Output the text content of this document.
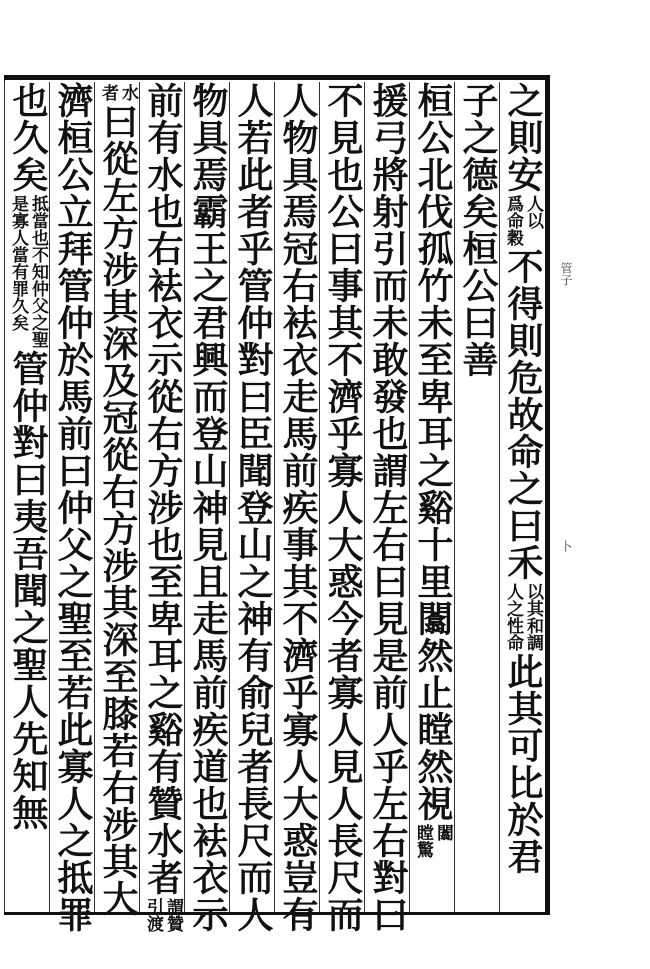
之則安
人以
爲命穀
不得則危故命之曰禾
以其和調
人之性命
此其可比於君
子之德矣桓公曰善
桓公北伐孤竹未至卑耳之谿十里闟然止瞠然視
闟
瞠驚
援弓將射引而未敢發也謂左右曰見是前人乎左右對曰
不見也公曰事其不濟乎寡人大惑今者寡人見人長尺而
人物具焉冠右袪衣走馬前疾事其不濟乎寡人大惑豈有
人若此者乎管仲對曰臣聞登山之神有俞兒者長尺而人
物具焉霸王之君興而登山神見且走馬前疾道也袪衣示
前有水也右袪衣示從右方涉也至卑耳之谿有贊水者
謂贊
引渡
水
者
曰從左方涉其深及冠從右方涉其深至膝若右涉其大
濟桓公立拜管仲於馬前曰仲父之聖至若此寡人之抵罪
也久矣
抵當也不知仲父之聖
是寡人當有罪久矣
管仲對曰夷吾聞之聖人先知無
管子
卜
